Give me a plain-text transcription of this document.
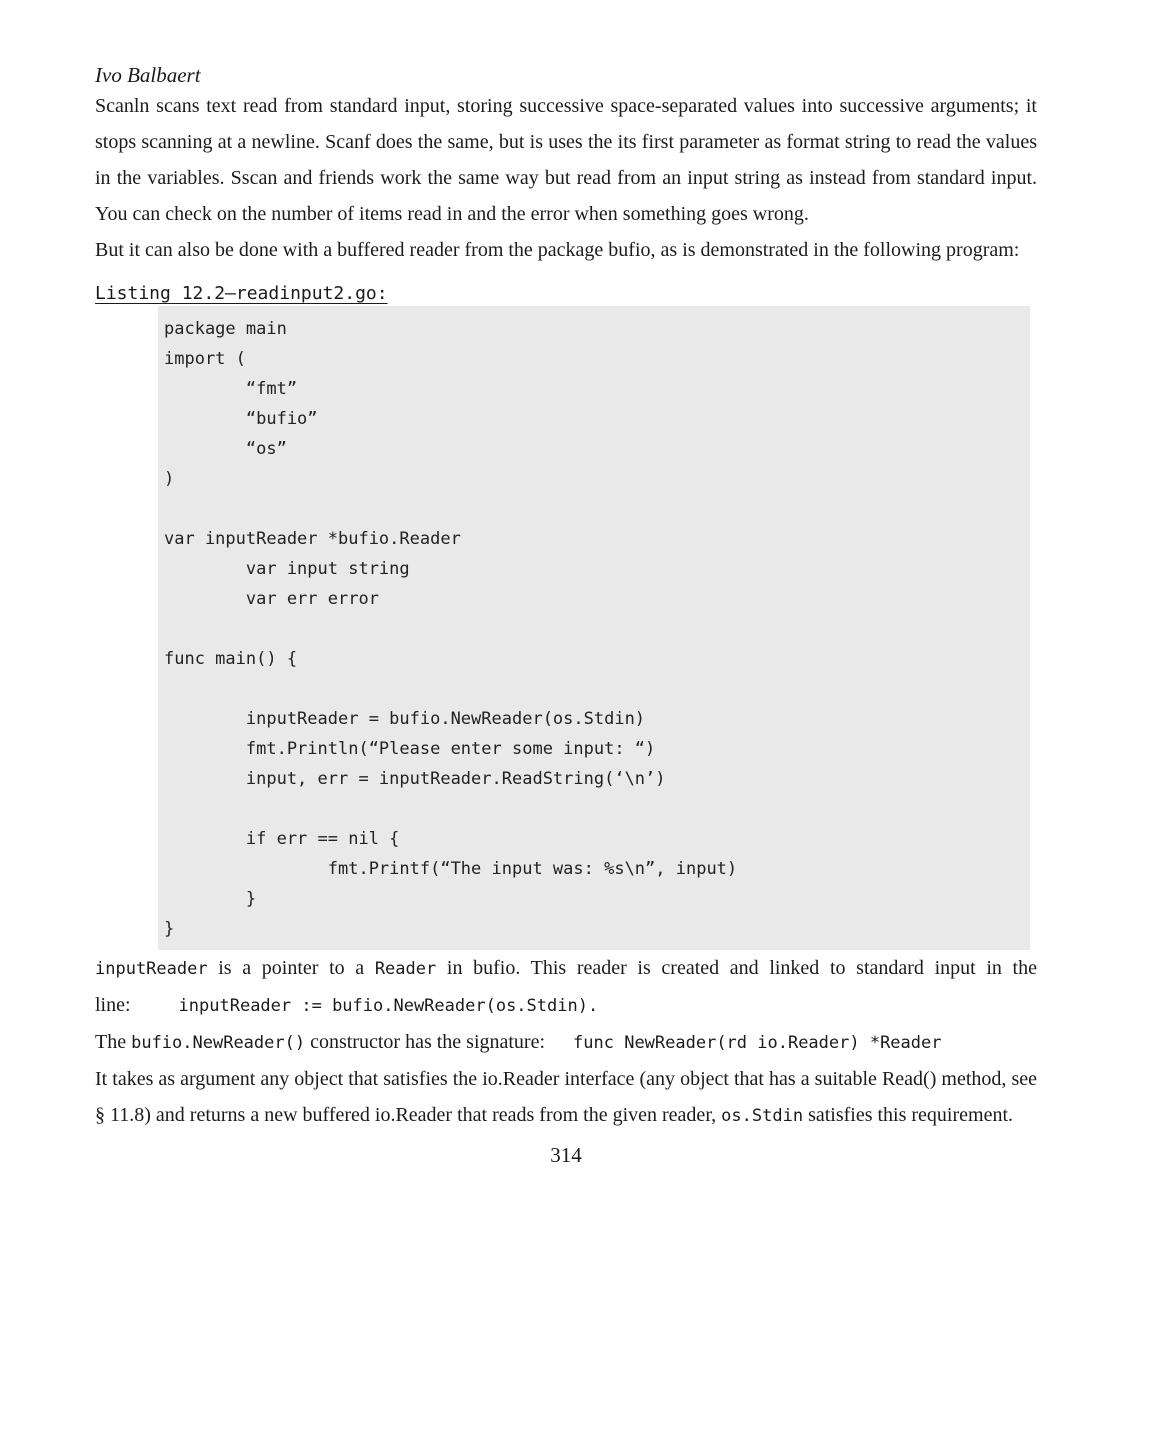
Ivo Balbaert

Scanln scans text read from standard input, storing successive space-separated values into successive arguments; it stops scanning at a newline. Scanf does the same, but is uses the its first parameter as format string to read the values in the variables. Sscan and friends work the same way but read from an input string as instead from standard input. You can check on the number of items read in and the error when something goes wrong.

But it can also be done with a buffered reader from the package bufio, as is demonstrated in the following program:

Listing 12.2—readinput2.go:
package main
import (
“fmt”
“bufio”
“os”
)
var inputReader *bufio.Reader
var input string
var err error
func main() {
inputReader = bufio.NewReader(os.Stdin)
fmt.Println(“Please enter some input: “)
input, err = inputReader.ReadString(‘\n’)
if err == nil {
fmt.Printf(“The input was: %s\n”, input)
}
}

inputReader is a pointer to a Reader in bufio. This reader is created and linked to standard input in the line:	inputReader := bufio.NewReader(os.Stdin).

The bufio.NewReader() constructor has the signature: func NewReader(rd io.Reader) *Reader

It takes as argument any object that satisfies the io.Reader interface (any object that has a suitable Read() method, see § 11.8) and returns a new buffered io.Reader that reads from the given reader, os.Stdin satisfies this requirement.

314
